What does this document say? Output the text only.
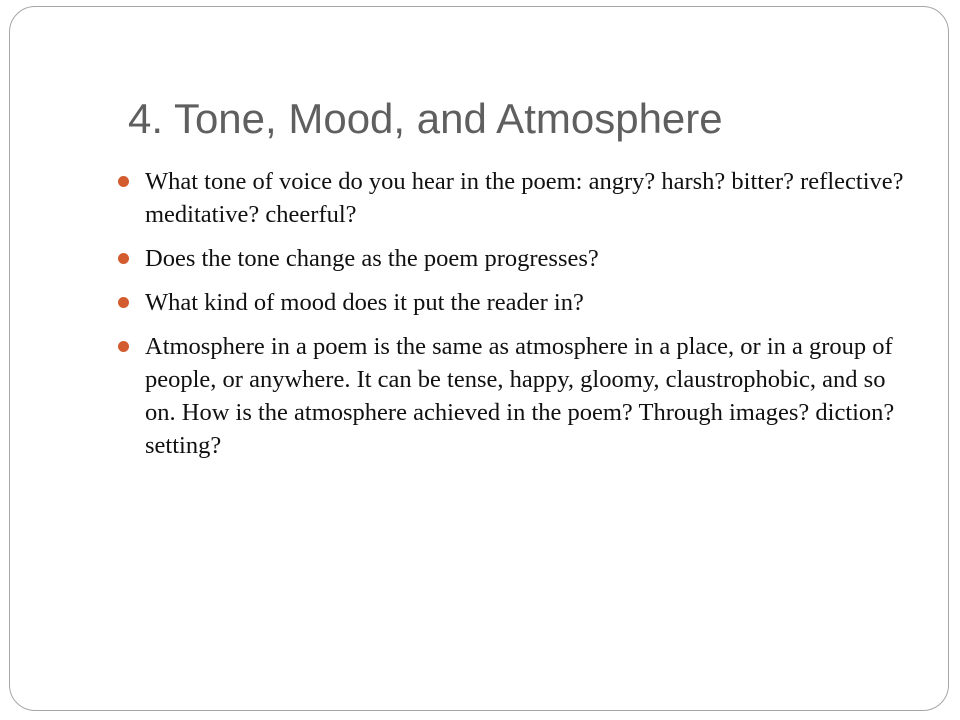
4. Tone, Mood, and Atmosphere
What tone of voice do you hear in the poem: angry? harsh? bitter? reflective? meditative? cheerful?
Does the tone change as the poem progresses?
What kind of mood does it put the reader in?
Atmosphere in a poem is the same as atmosphere in a place, or in a group of people, or anywhere. It can be tense, happy, gloomy, claustrophobic, and so on. How is the atmosphere achieved in the poem? Through images? diction? setting?
